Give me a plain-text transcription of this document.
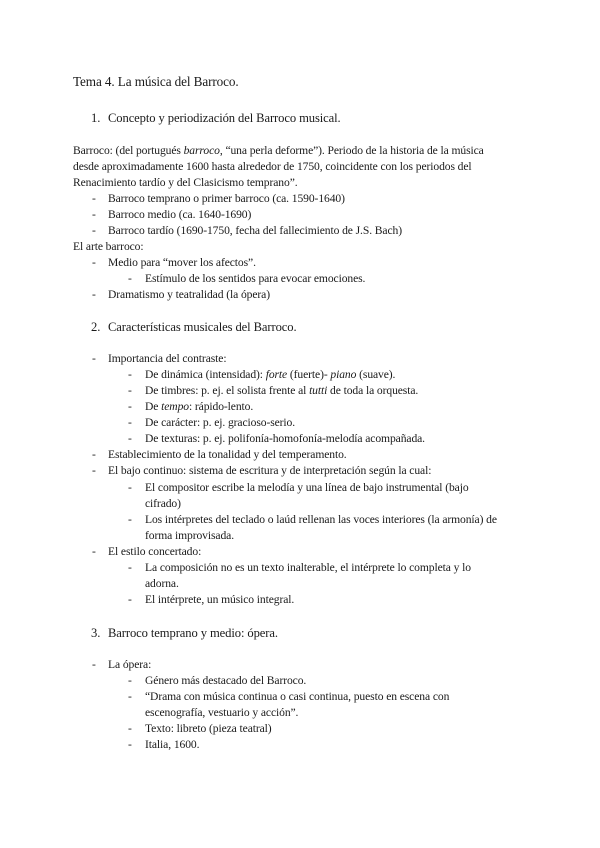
Tema 4. La música del Barroco.
1. Concepto y periodización del Barroco musical.
Barroco: (del portugués barroco, “una perla deforme”). Periodo de la historia de la música
desde aproximadamente 1600 hasta alrededor de 1750, coincidente con los periodos del
Renacimiento tardío y del Clasicismo temprano”.
- Barroco temprano o primer barroco (ca. 1590-1640)
- Barroco medio (ca. 1640-1690)
- Barroco tardío (1690-1750, fecha del fallecimiento de J.S. Bach)
El arte barroco:
- Medio para “mover los afectos”.
- Estímulo de los sentidos para evocar emociones.
- Dramatismo y teatralidad (la ópera)
2. Características musicales del Barroco.
- Importancia del contraste:
- De dinámica (intensidad): forte (fuerte)- piano (suave).
- De timbres: p. ej. el solista frente al tutti de toda la orquesta.
- De tempo: rápido-lento.
- De carácter: p. ej. gracioso-serio.
- De texturas: p. ej. polifonía-homofonía-melodía acompañada.
- Establecimiento de la tonalidad y del temperamento.
- El bajo continuo: sistema de escritura y de interpretación según la cual:
- El compositor escribe la melodía y una línea de bajo instrumental (bajo
cifrado)
- Los intérpretes del teclado o laúd rellenan las voces interiores (la armonía) de
forma improvisada.
- El estilo concertado:
- La composición no es un texto inalterable, el intérprete lo completa y lo
adorna.
- El intérprete, un músico integral.
3. Barroco temprano y medio: ópera.
- La ópera:
- Género más destacado del Barroco.
- “Drama con música continua o casi continua, puesto en escena con
escenografía, vestuario y acción”.
- Texto: libreto (pieza teatral)
- Italia, 1600.
